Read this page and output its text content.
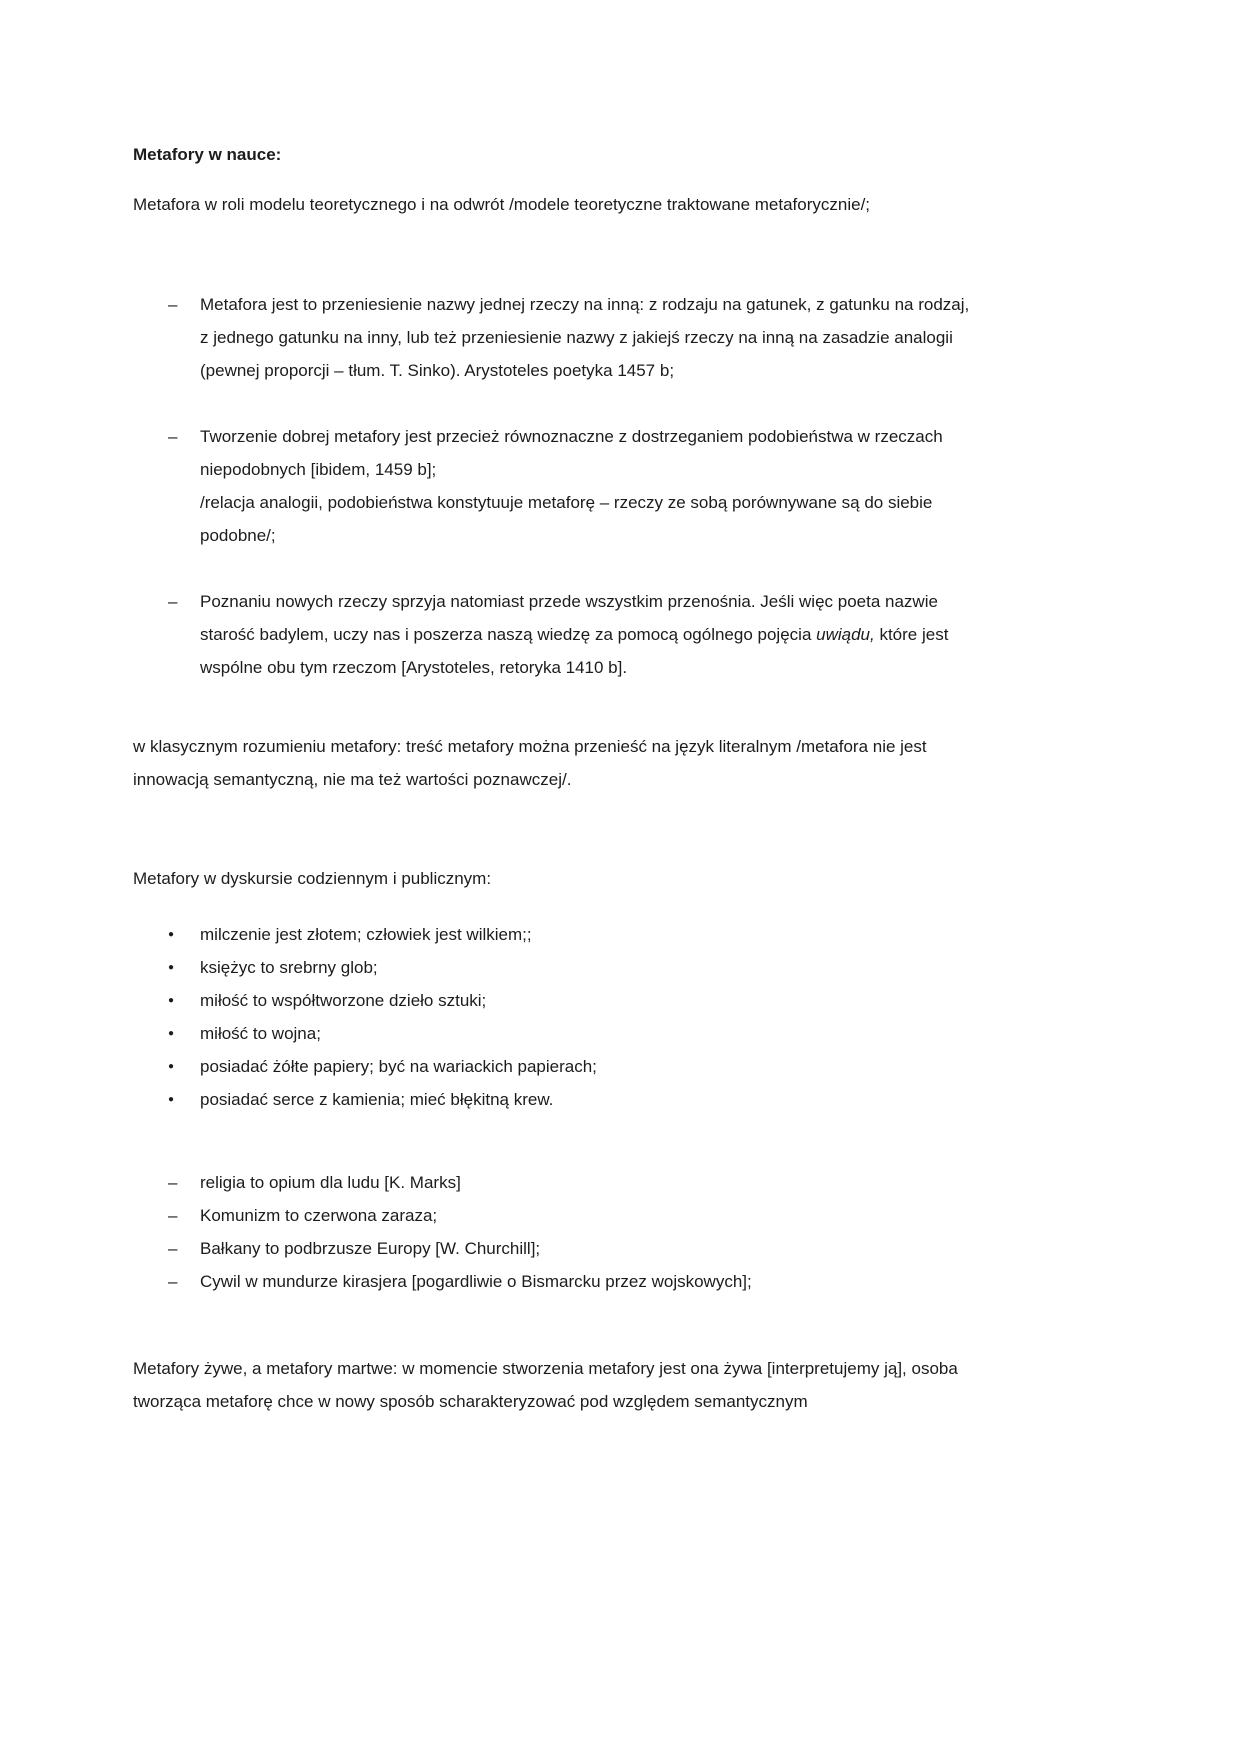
Metafory w nauce:

Metafora w roli modelu teoretycznego i na odwrót /modele teoretyczne traktowane metaforycznie/;

–	Metafora jest to przeniesienie nazwy jednej rzeczy na inną: z rodzaju na gatunek, z gatunku na rodzaj, z jednego gatunku na inny, lub też przeniesienie nazwy z jakiejś rzeczy na inną na zasadzie analogii (pewnej proporcji – tłum. T. Sinko). Arystoteles poetyka 1457 b;
–	Tworzenie dobrej metafory jest przecież równoznaczne z dostrzeganiem podobieństwa w rzeczach niepodobnych [ibidem, 1459 b];
/relacja analogii, podobieństwa konstytuuje metaforę – rzeczy ze sobą porównywane są do siebie podobne/;
–	Poznaniu nowych rzeczy sprzyja natomiast przede wszystkim przenośnia. Jeśli więc poeta nazwie starość badylem, uczy nas i poszerza naszą wiedzę za pomocą ogólnego pojęcia uwiądu, które jest wspólne obu tym rzeczom [Arystoteles, retoryka 1410 b].

w klasycznym rozumieniu metafory: treść metafory można przenieść na język literalnym /metafora nie jest innowacją semantyczną, nie ma też wartości poznawczej/.

Metafory w dyskursie codziennym i publicznym:

●	milczenie jest złotem; człowiek jest wilkiem;;
●	księżyc to srebrny glob;
●	miłość to współtworzone dzieło sztuki;
●	miłość to wojna;
●	posiadać żółte papiery; być na wariackich papierach;
●	posiadać serce z kamienia; mieć błękitną krew.
–	religia to opium dla ludu [K. Marks]
–	Komunizm to czerwona zaraza;
–	Bałkany to podbrzusze Europy [W. Churchill];
–	Cywil w mundurze kirasjera [pogardliwie o Bismarcku przez wojskowych];

Metafory żywe, a metafory martwe: w momencie stworzenia metafory jest ona żywa [interpretujemy ją], osoba tworząca metaforę chce w nowy sposób scharakteryzować pod względem semantycznym
